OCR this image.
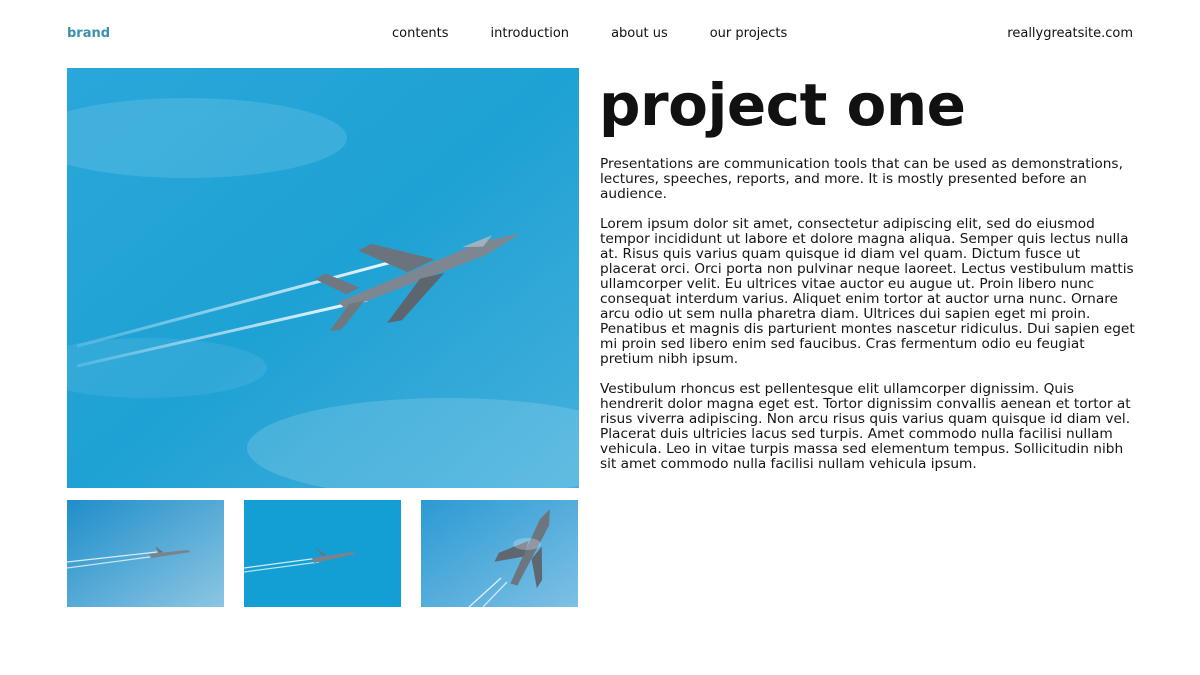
brand	contents	introduction	about us	our projects	reallygreatsite.com
project one

Presentations are communication tools that can be used as demonstrations, lectures, speeches, reports, and more. It is mostly presented before an audience.

Lorem ipsum dolor sit amet, consectetur adipiscing elit, sed do eiusmod tempor incididunt ut labore et dolore magna aliqua. Semper quis lectus nulla at. Risus quis varius quam quisque id diam vel quam. Dictum fusce ut placerat orci. Orci porta non pulvinar neque laoreet. Lectus vestibulum mattis ullamcorper velit. Eu ultrices vitae auctor eu augue ut. Proin libero nunc consequat interdum varius. Aliquet enim tortor at auctor urna nunc. Ornare arcu odio ut sem nulla pharetra diam. Ultrices dui sapien eget mi proin. Penatibus et magnis dis parturient montes nascetur ridiculus. Dui sapien eget mi proin sed libero enim sed faucibus. Cras fermentum odio eu feugiat pretium nibh ipsum.

Vestibulum rhoncus est pellentesque elit ullamcorper dignissim. Quis hendrerit dolor magna eget est. Tortor dignissim convallis aenean et tortor at risus viverra adipiscing. Non arcu risus quis varius quam quisque id diam vel. Placerat duis ultricies lacus sed turpis. Amet commodo nulla facilisi nullam vehicula. Leo in vitae turpis massa sed elementum tempus. Sollicitudin nibh sit amet commodo nulla facilisi nullam vehicula ipsum.
